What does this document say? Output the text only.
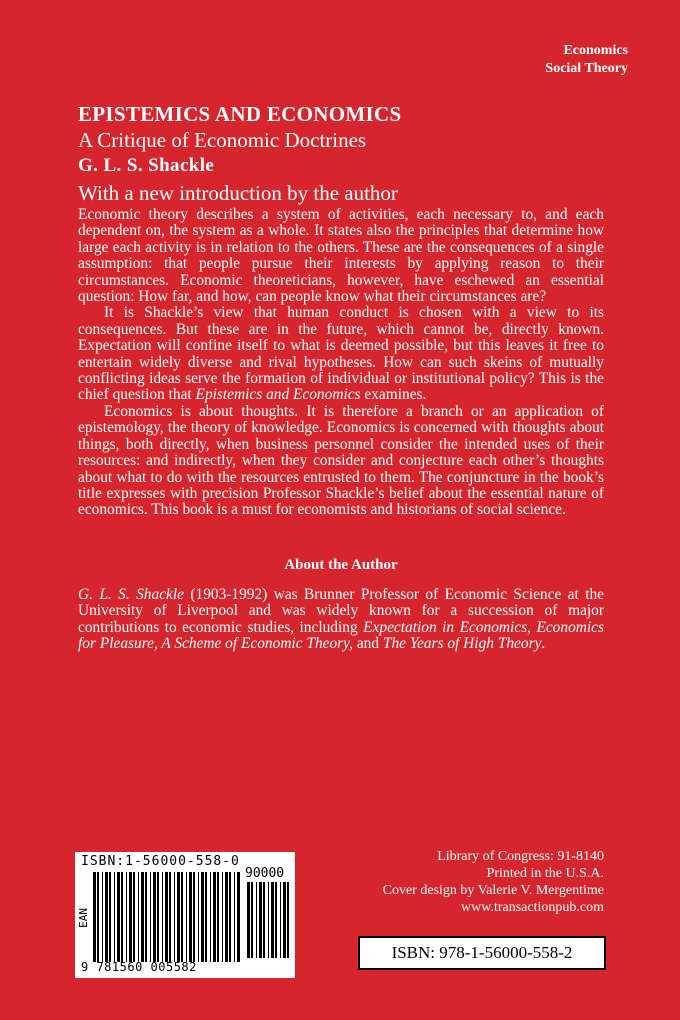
Economics
Social Theory
EPISTEMICS AND ECONOMICS
A Critique of Economic Doctrines
G. L. S. Shackle
With a new introduction by the author

Economic theory describes a system of activities, each necessary to, and each dependent on, the system as a whole. It states also the principles that determine how large each activity is in relation to the others. These are the consequences of a single assumption: that people pursue their interests by applying reason to their circumstances. Economic theoreticians, however, have eschewed an essential question: How far, and how, can people know what their circumstances are?

It is Shackle’s view that human conduct is chosen with a view to its consequences. But these are in the future, which cannot be, directly known. Expectation will confine itself to what is deemed possible, but this leaves it free to entertain widely diverse and rival hypotheses. How can such skeins of mutually conflicting ideas serve the formation of individual or institutional policy? This is the chief question that Epistemics and Economics examines.

Economics is about thoughts. It is therefore a branch or an application of epistemology, the theory of knowledge. Economics is concerned with thoughts about things, both directly, when business personnel consider the intended uses of their resources: and indirectly, when they consider and conjecture each other’s thoughts about what to do with the resources entrusted to them. The conjuncture in the book’s title expresses with precision Professor Shackle’s belief about the essential nature of economics. This book is a must for economists and historians of social science.

About the Author

G. L. S. Shackle (1903-1992) was Brunner Professor of Economic Science at the University of Liverpool and was widely known for a succession of major contributions to economic studies, including Expectation in Economics, Economics for Pleasure, A Scheme of Economic Theory, and The Years of High Theory.

ISBN:1-56000-558-0
90000
EAN
9 781560 005582
Library of Congress: 91-8140
Printed in the U.S.A.
Cover design by Valerie V. Mergentime
www.transactionpub.com
ISBN: 978-1-56000-558-2
